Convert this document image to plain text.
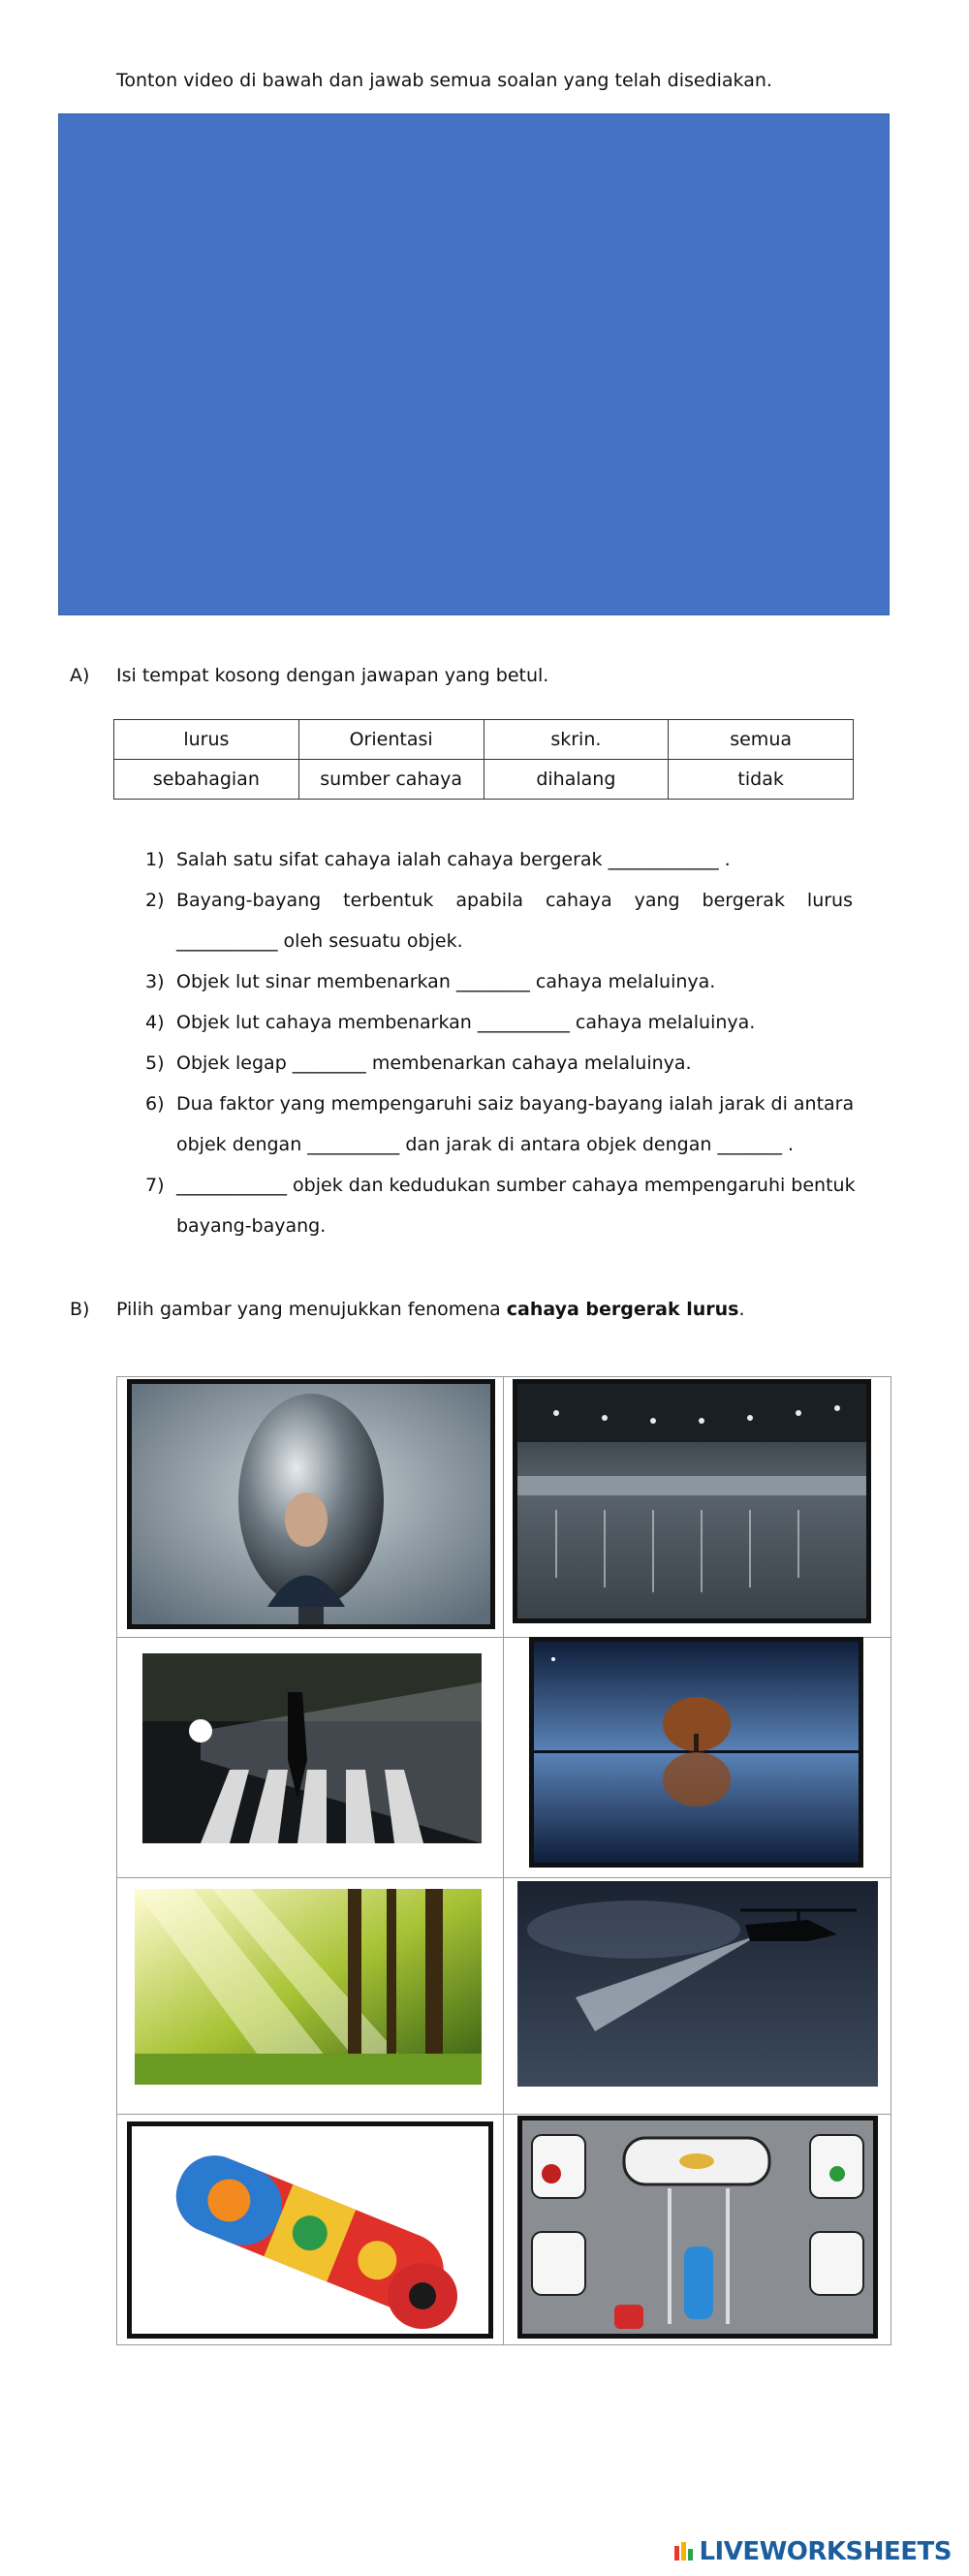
Tonton video di bawah dan jawab semua soalan yang telah disediakan.
A) Isi tempat kosong dengan jawapan yang betul.
lurus	Orientasi	skrin.	semua
sebahagian	sumber cahaya	dihalang	tidak
1) Salah satu sifat cahaya ialah cahaya bergerak ____________ .
2) Bayang-bayang terbentuk apabila cahaya yang bergerak lurus
___________ oleh sesuatu objek.
3) Objek lut sinar membenarkan ________ cahaya melaluinya.
4) Objek lut cahaya membenarkan __________ cahaya melaluinya.
5) Objek legap ________ membenarkan cahaya melaluinya.
6) Dua faktor yang mempengaruhi saiz bayang-bayang ialah jarak di antara
objek dengan __________ dan jarak di antara objek dengan _______ .
7) ____________ objek dan kedudukan sumber cahaya mempengaruhi bentuk
bayang-bayang.
B) Pilih gambar yang menujukkan fenomena cahaya bergerak lurus.
LIVEWORKSHEETS
